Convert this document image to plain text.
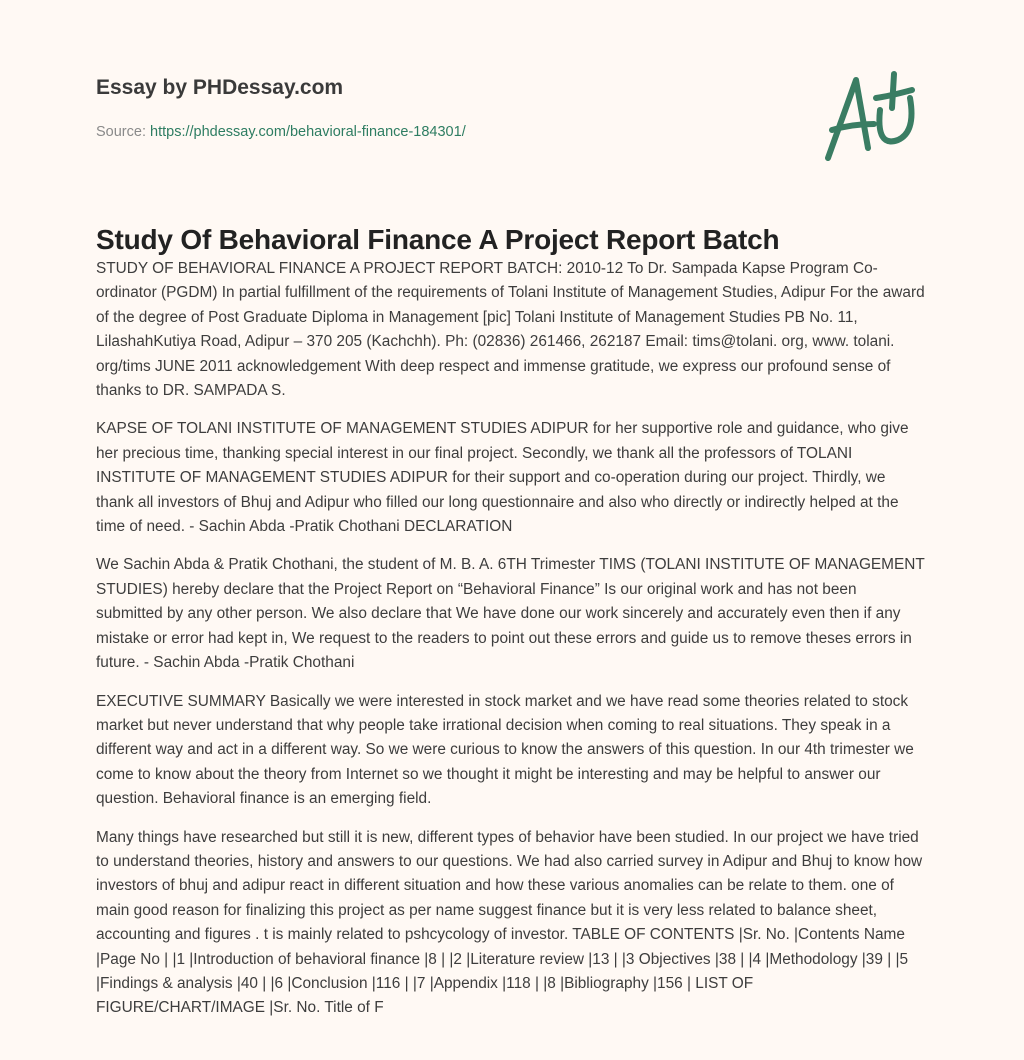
Essay by PHDessay.com

Source: https://phdessay.com/behavioral-finance-184301/
Study Of Behavioral Finance A Project Report Batch

STUDY OF BEHAVIORAL FINANCE A PROJECT REPORT BATCH: 2010-12 To Dr. Sampada Kapse Program Co-ordinator (PGDM) In partial fulfillment of the requirements of Tolani Institute of Management Studies, Adipur For the award of the degree of Post Graduate Diploma in Management [pic] Tolani Institute of Management Studies PB No. 11, LilashahKutiya Road, Adipur – 370 205 (Kachchh). Ph: (02836) 261466, 262187 Email: tims@tolani. org, www. tolani. org/tims JUNE 2011 acknowledgement With deep respect and immense gratitude, we express our profound sense of thanks to DR. SAMPADA S.

KAPSE OF TOLANI INSTITUTE OF MANAGEMENT STUDIES ADIPUR for her supportive role and guidance, who give her precious time, thanking special interest in our final project. Secondly, we thank all the professors of TOLANI INSTITUTE OF MANAGEMENT STUDIES ADIPUR for their support and co-operation during our project. Thirdly, we thank all investors of Bhuj and Adipur who filled our long questionnaire and also who directly or indirectly helped at the time of need. - Sachin Abda -Pratik Chothani DECLARATION

We Sachin Abda & Pratik Chothani, the student of M. B. A. 6TH Trimester TIMS (TOLANI INSTITUTE OF MANAGEMENT STUDIES) hereby declare that the Project Report on “Behavioral Finance” Is our original work and has not been submitted by any other person. We also declare that We have done our work sincerely and accurately even then if any mistake or error had kept in, We request to the readers to point out these errors and guide us to remove theses errors in future. - Sachin Abda -Pratik Chothani

EXECUTIVE SUMMARY Basically we were interested in stock market and we have read some theories related to stock market but never understand that why people take irrational decision when coming to real situations. They speak in a different way and act in a different way. So we were curious to know the answers of this question. In our 4th trimester we come to know about the theory from Internet so we thought it might be interesting and may be helpful to answer our question. Behavioral finance is an emerging field.

Many things have researched but still it is new, different types of behavior have been studied. In our project we have tried to understand theories, history and answers to our questions. We had also carried survey in Adipur and Bhuj to know how investors of bhuj and adipur react in different situation and how these various anomalies can be relate to them. one of main good reason for finalizing this project as per name suggest finance but it is very less related to balance sheet, accounting and figures . t is mainly related to pshcycology of investor. TABLE OF CONTENTS |Sr. No. |Contents Name |Page No | |1 |Introduction of behavioral finance |8 | |2 |Literature review |13 | |3 Objectives |38 | |4 |Methodology |39 | |5 |Findings & analysis |40 | |6 |Conclusion |116 | |7 |Appendix |118 | |8 |Bibliography |156 | LIST OF FIGURE/CHART/IMAGE |Sr. No. Title of F
